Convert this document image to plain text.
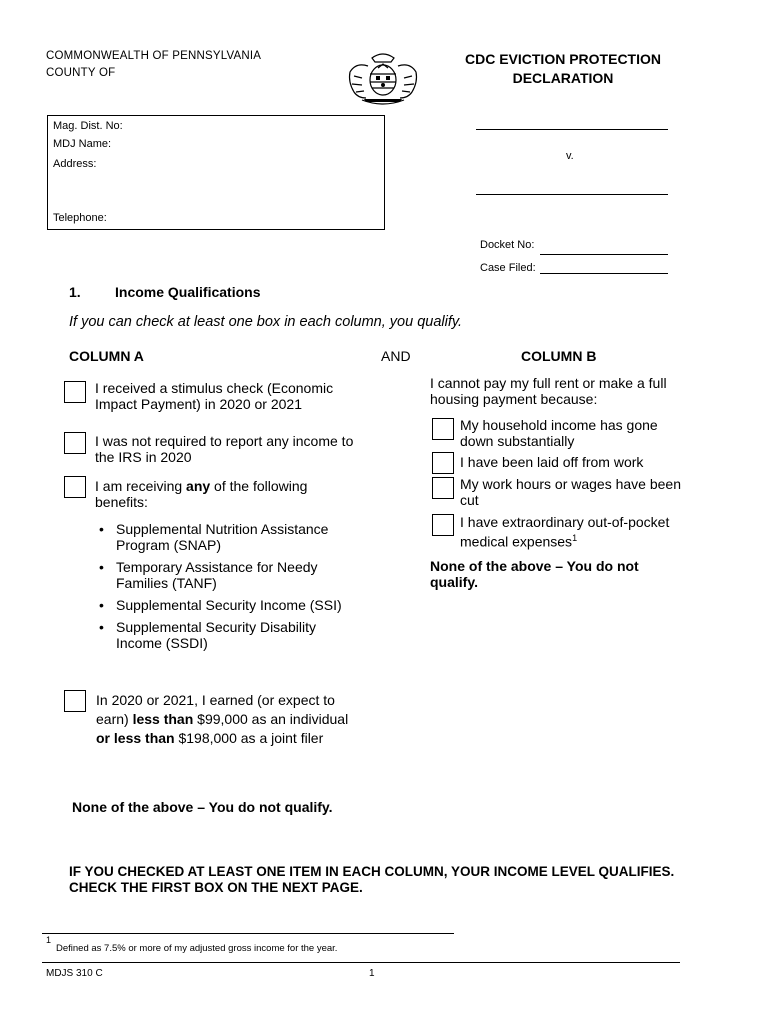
COMMONWEALTH OF PENNSYLVANIA
COUNTY OF
CDC EVICTION PROTECTION
DECLARATION
Mag. Dist. No:
MDJ Name:
Address:
Telephone:
v.
Docket No:
Case Filed:
1. Income Qualifications
If you can check at least one box in each column, you qualify.
COLUMN A	AND	COLUMN B
I received a stimulus check (Economic Impact Payment) in 2020 or 2021
I was not required to report any income to the IRS in 2020
I am receiving any of the following benefits:
• Supplemental Nutrition Assistance Program (SNAP)
• Temporary Assistance for Needy Families (TANF)
• Supplemental Security Income (SSI)
• Supplemental Security Disability Income (SSDI)
In 2020 or 2021, I earned (or expect to earn) less than $99,000 as an individual or less than $198,000 as a joint filer
None of the above – You do not qualify.
I cannot pay my full rent or make a full housing payment because:
My household income has gone down substantially
I have been laid off from work
My work hours or wages have been cut
I have extraordinary out-of-pocket medical expenses$^1$
None of the above – You do not qualify.
IF YOU CHECKED AT LEAST ONE ITEM IN EACH COLUMN, YOUR INCOME LEVEL QUALIFIES. CHECK THE FIRST BOX ON THE NEXT PAGE.
1
Defined as 7.5% or more of my adjusted gross income for the year.
MDJS 310 C	1
